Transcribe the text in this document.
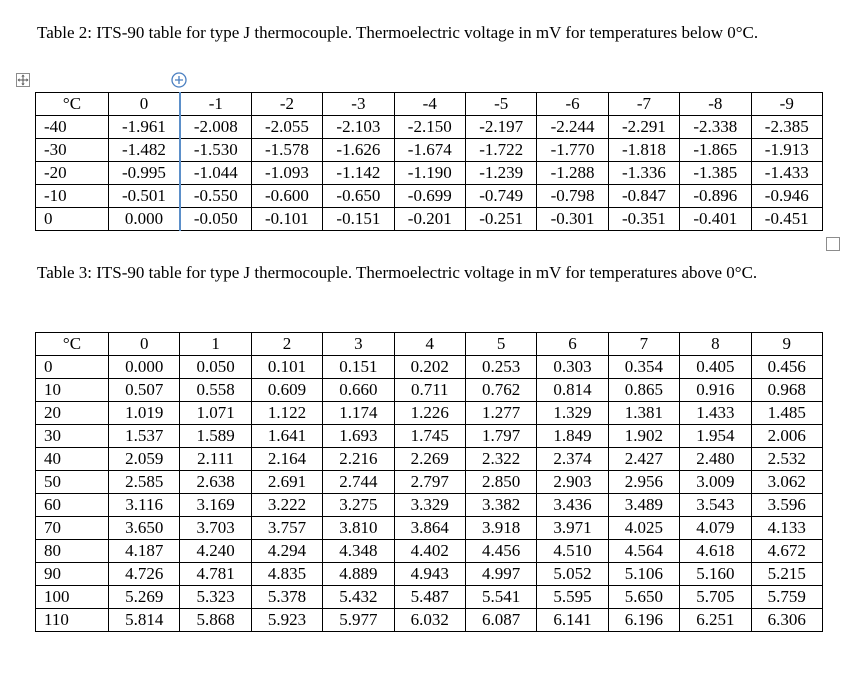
Table 2: ITS-90 table for type J thermocouple. Thermoelectric voltage in mV for temperatures below 0°C.
°C	0	-1	-2	-3	-4	-5	-6	-7	-8	-9
-40	-1.961	-2.008	-2.055	-2.103	-2.150	-2.197	-2.244	-2.291	-2.338	-2.385
-30	-1.482	-1.530	-1.578	-1.626	-1.674	-1.722	-1.770	-1.818	-1.865	-1.913
-20	-0.995	-1.044	-1.093	-1.142	-1.190	-1.239	-1.288	-1.336	-1.385	-1.433
-10	-0.501	-0.550	-0.600	-0.650	-0.699	-0.749	-0.798	-0.847	-0.896	-0.946
0	0.000	-0.050	-0.101	-0.151	-0.201	-0.251	-0.301	-0.351	-0.401	-0.451
Table 3: ITS-90 table for type J thermocouple. Thermoelectric voltage in mV for temperatures above 0°C.
°C	0	1	2	3	4	5	6	7	8	9
0	0.000	0.050	0.101	0.151	0.202	0.253	0.303	0.354	0.405	0.456
10	0.507	0.558	0.609	0.660	0.711	0.762	0.814	0.865	0.916	0.968
20	1.019	1.071	1.122	1.174	1.226	1.277	1.329	1.381	1.433	1.485
30	1.537	1.589	1.641	1.693	1.745	1.797	1.849	1.902	1.954	2.006
40	2.059	2.111	2.164	2.216	2.269	2.322	2.374	2.427	2.480	2.532
50	2.585	2.638	2.691	2.744	2.797	2.850	2.903	2.956	3.009	3.062
60	3.116	3.169	3.222	3.275	3.329	3.382	3.436	3.489	3.543	3.596
70	3.650	3.703	3.757	3.810	3.864	3.918	3.971	4.025	4.079	4.133
80	4.187	4.240	4.294	4.348	4.402	4.456	4.510	4.564	4.618	4.672
90	4.726	4.781	4.835	4.889	4.943	4.997	5.052	5.106	5.160	5.215
100	5.269	5.323	5.378	5.432	5.487	5.541	5.595	5.650	5.705	5.759
110	5.814	5.868	5.923	5.977	6.032	6.087	6.141	6.196	6.251	6.306
